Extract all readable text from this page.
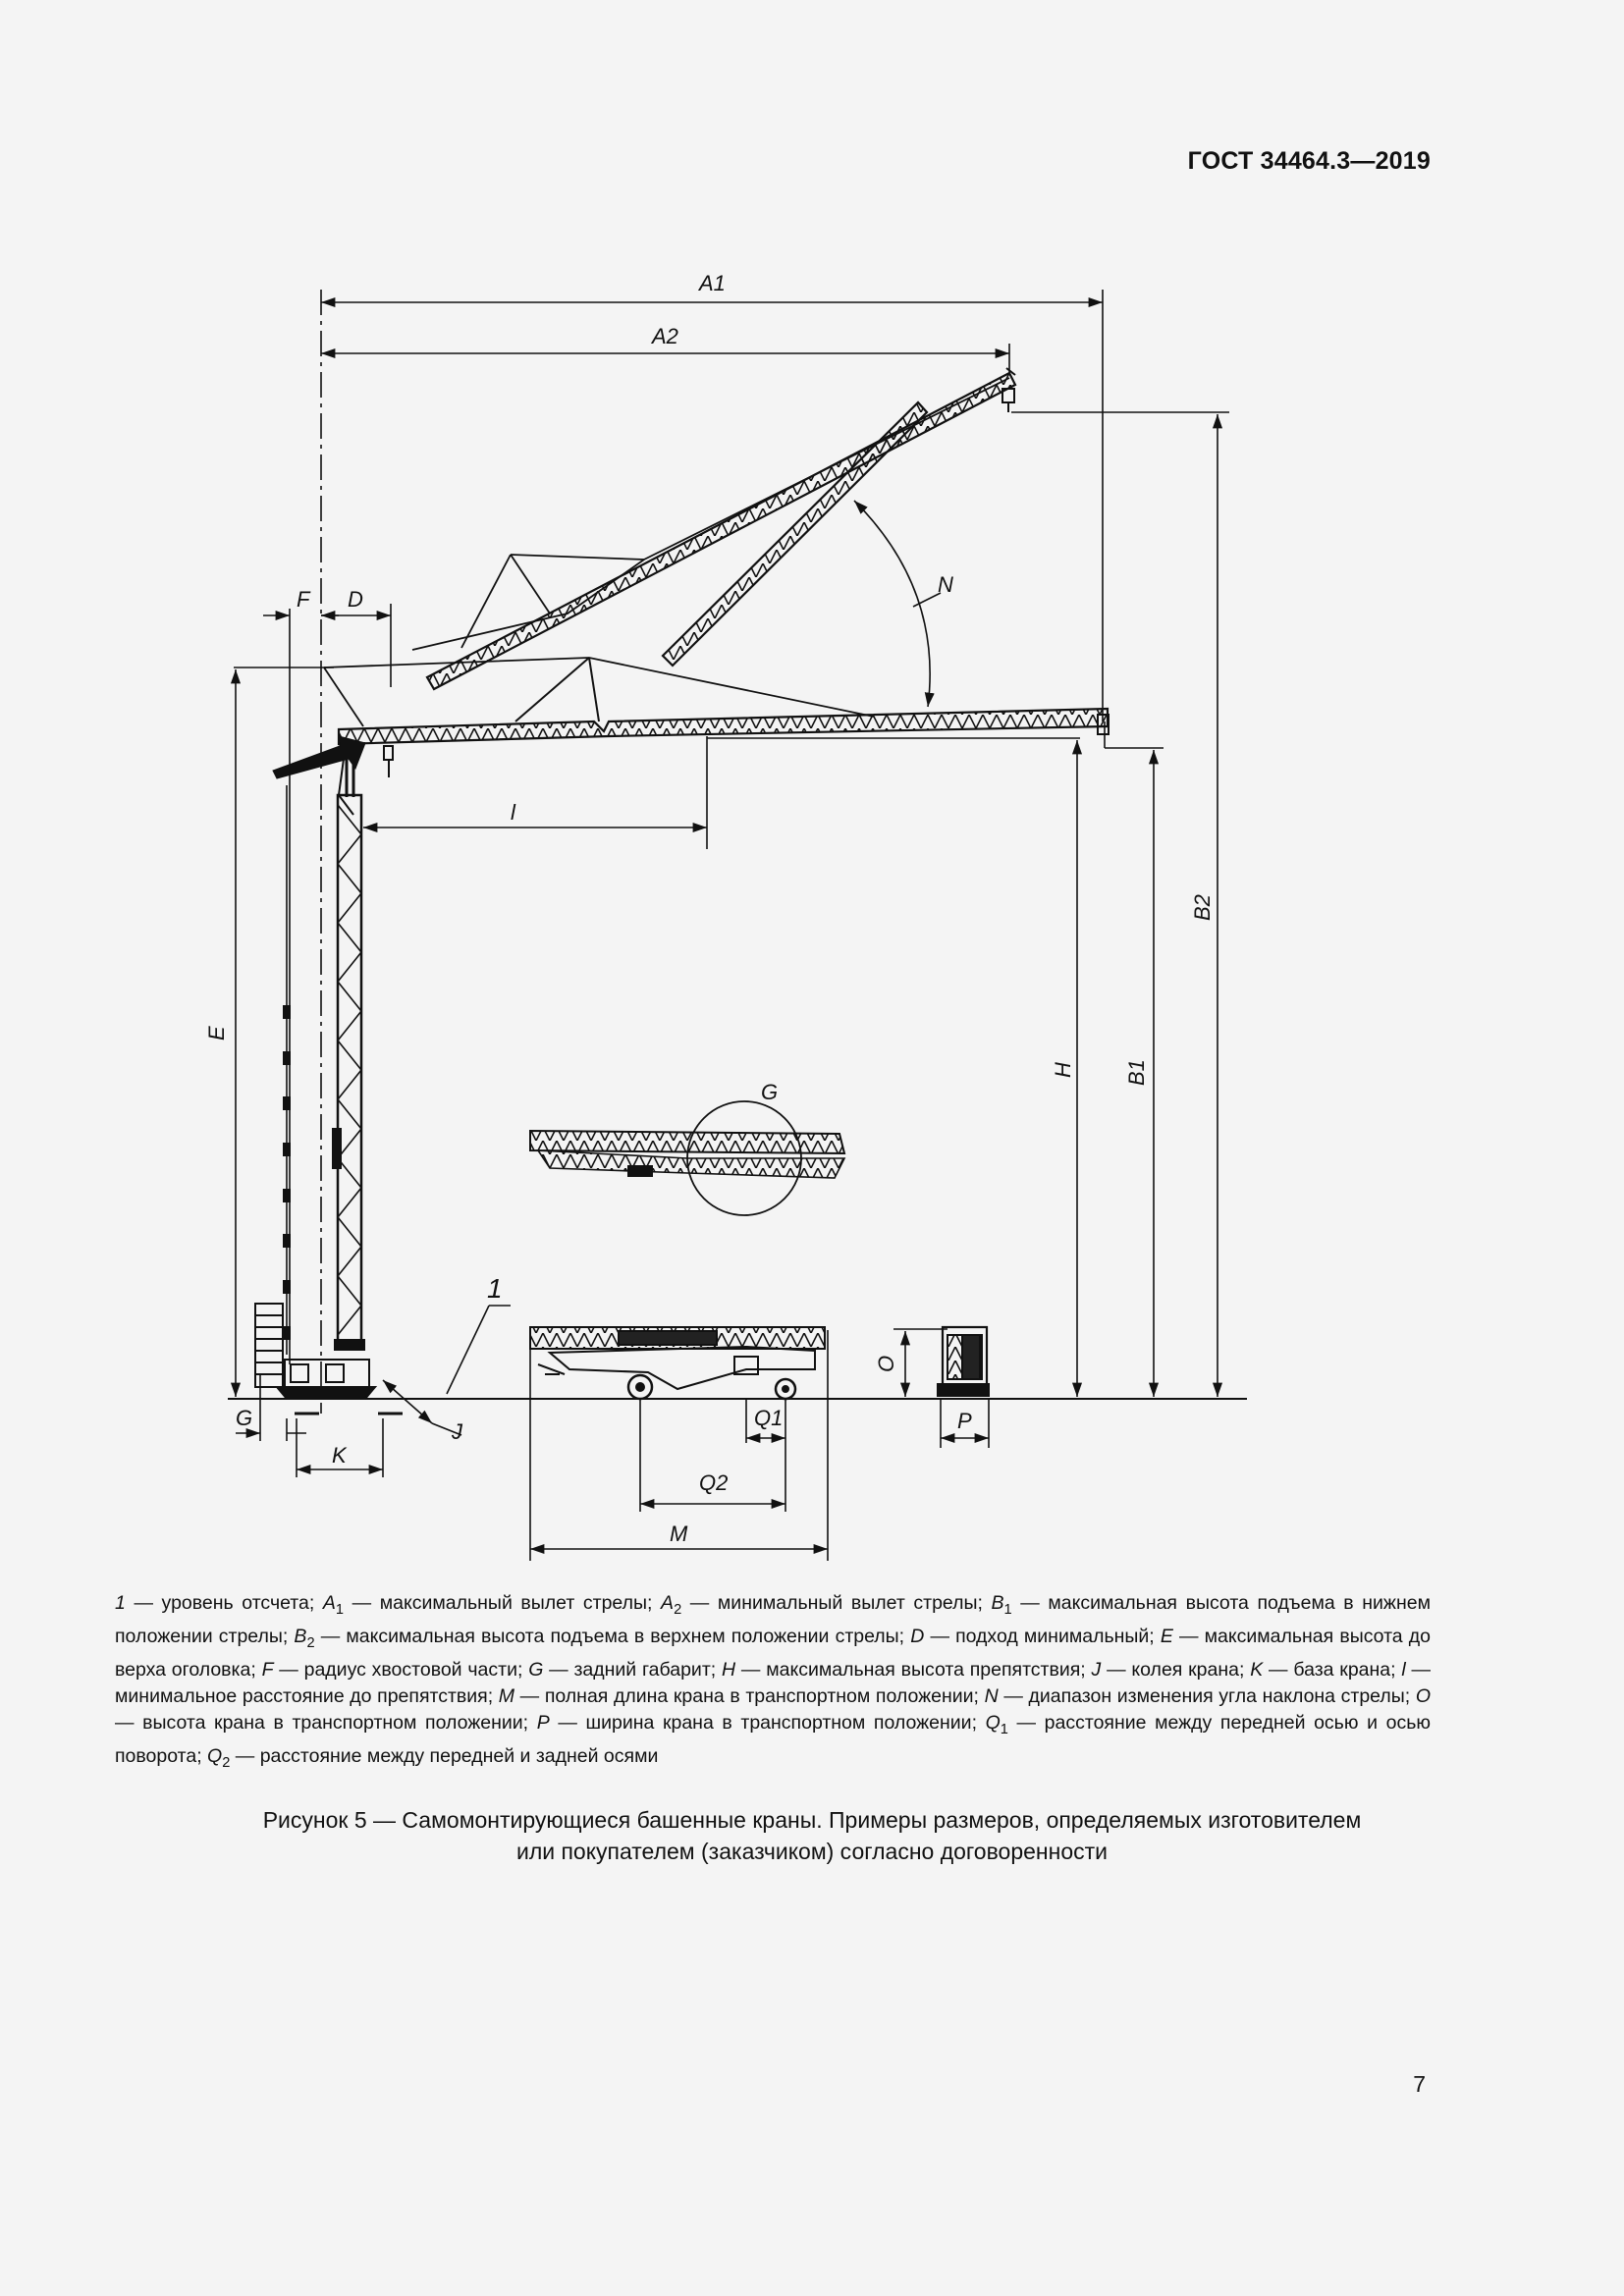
ГОСТ 34464.3—2019
A1
A2
F D
N
l
E
H B1
B2
G
1
O
G
J
K
P
Q1
Q2
M
1 — уровень отсчета; $A_1$ — максимальный вылет стрелы; $A_2$ — минимальный вылет стрелы; $B_1$ — максимальная высота подъема в нижнем положении стрелы; $B_2$ — максимальная высота подъема в верхнем положении стрелы; D — подход минимальный; E — максимальная высота до верха оголовка; F — радиус хвостовой части; G — задний габарит; H — максимальная высота препятствия; J — колея крана; K — база крана; l — минимальное расстояние до препятствия; M — полная длина крана в транспортном положении; N — диапазон изменения угла наклона стрелы; O — высота крана в транспортном положении; P — ширина крана в транспортном положении; $Q_1$ — расстояние между передней осью и осью поворота; $Q_2$ — расстояние между передней и задней осями
Рисунок 5 — Самомонтирующиеся башенные краны. Примеры размеров, определяемых изготовителем
или покупателем (заказчиком) согласно договоренности
7
